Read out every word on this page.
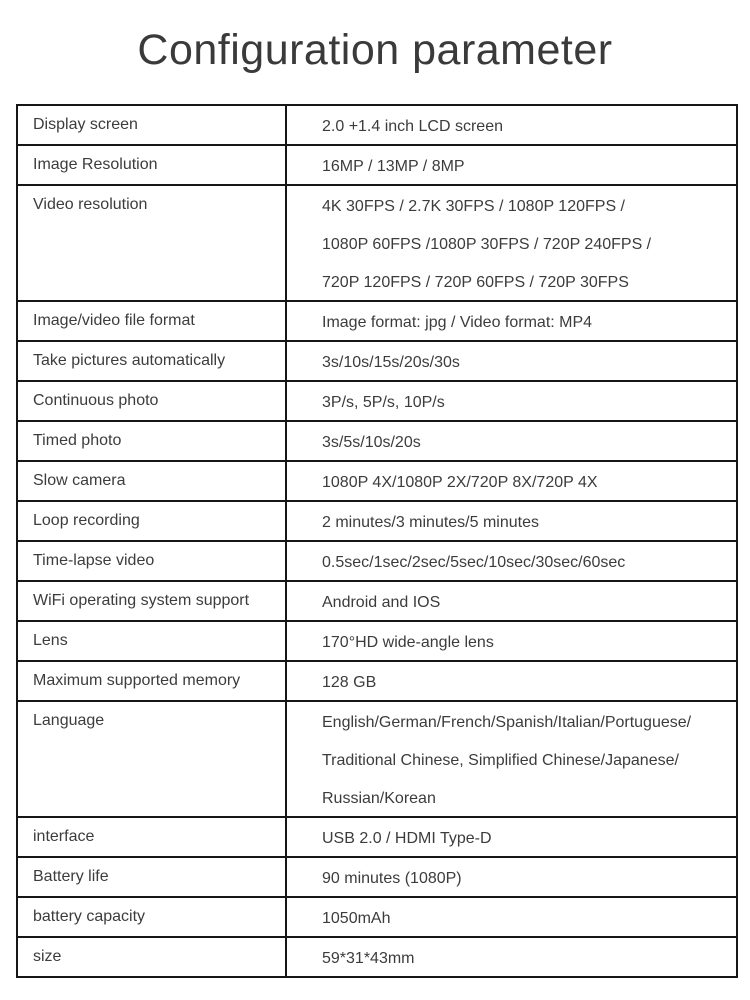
Configuration parameter
Display screen	2.0 +1.4 inch LCD screen
Image Resolution	16MP / 13MP / 8MP
Video resolution	4K 30FPS / 2.7K 30FPS / 1080P 120FPS /
1080P 60FPS /1080P 30FPS / 720P 240FPS /
720P 120FPS / 720P 60FPS / 720P 30FPS
Image/video file format	Image format: jpg / Video format: MP4
Take pictures automatically	3s/10s/15s/20s/30s
Continuous photo	3P/s, 5P/s, 10P/s
Timed photo	3s/5s/10s/20s
Slow camera	1080P 4X/1080P 2X/720P 8X/720P 4X
Loop recording	2 minutes/3 minutes/5 minutes
Time-lapse video	0.5sec/1sec/2sec/5sec/10sec/30sec/60sec
WiFi operating system support	Android and IOS
Lens	170°HD wide-angle lens
Maximum supported memory	128 GB
Language	English/German/French/Spanish/Italian/Portuguese/
Traditional Chinese, Simplified Chinese/Japanese/
Russian/Korean
interface	USB 2.0 / HDMI Type-D
Battery life	90 minutes (1080P)
battery capacity	1050mAh
size	59*31*43mm
